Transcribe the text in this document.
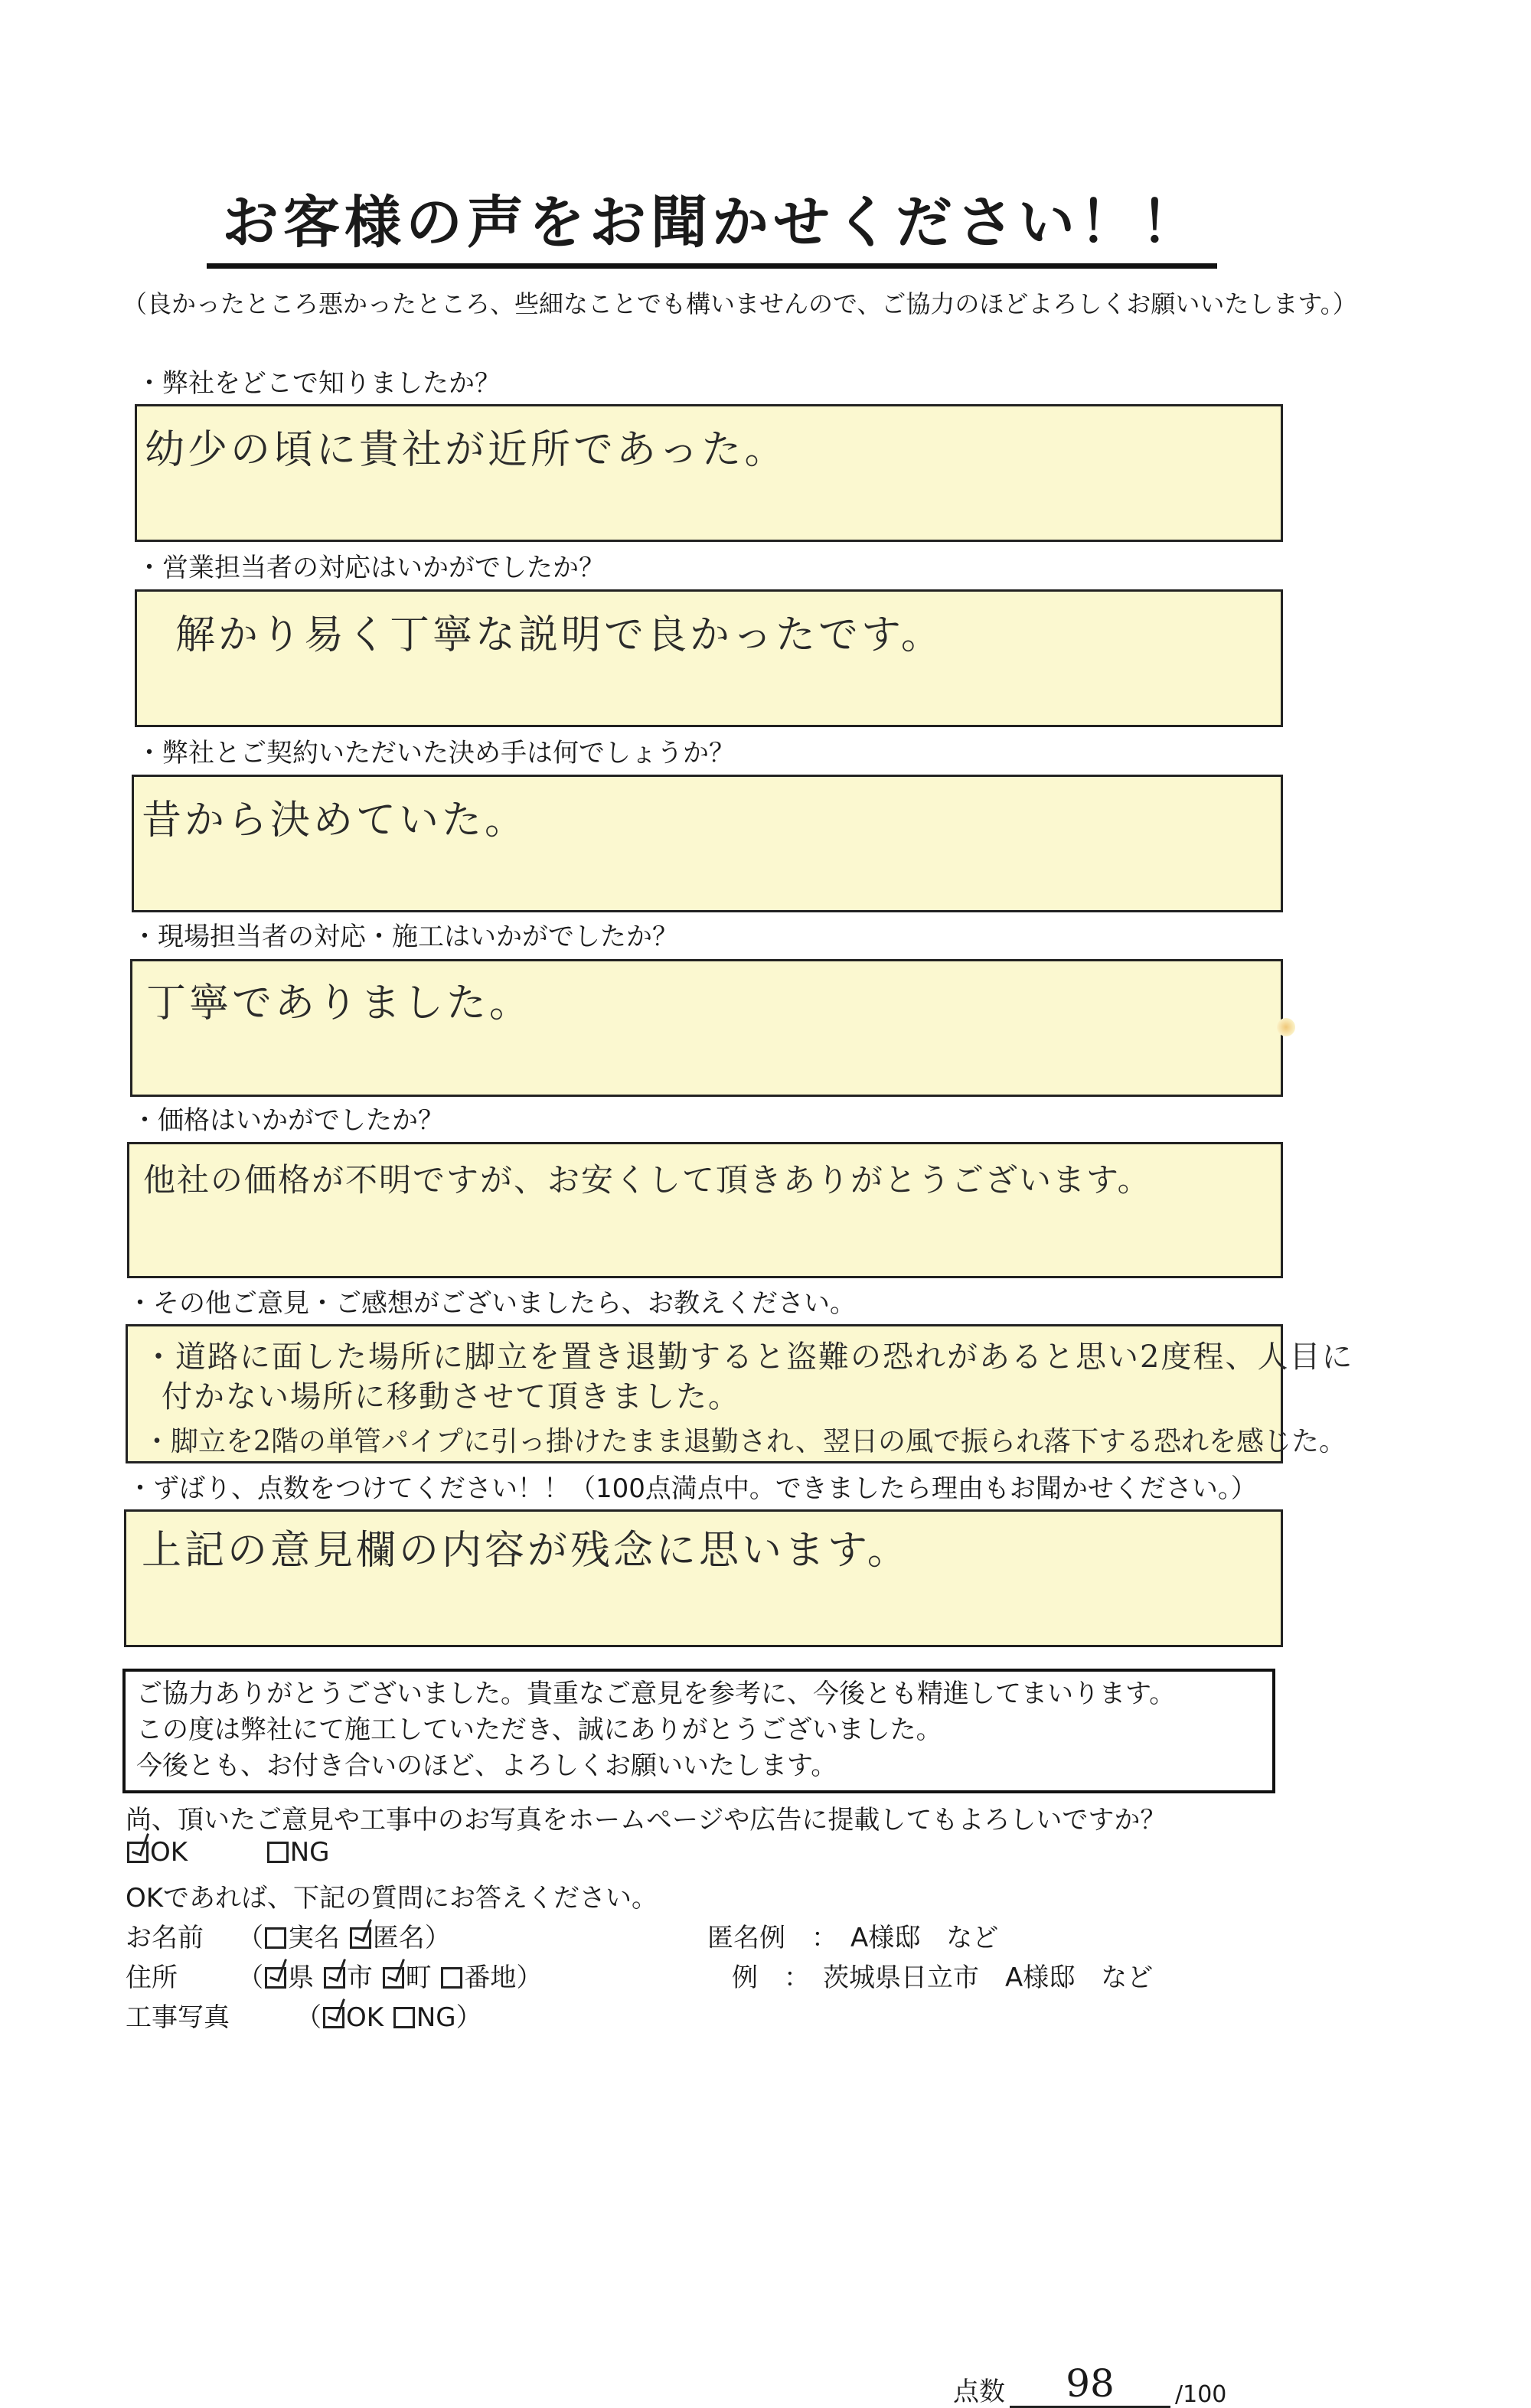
お客様の声をお聞かせください！！
（良かったところ悪かったところ、些細なことでも構いませんので、ご協力のほどよろしくお願いいたします。）
・弊社をどこで知りましたか？
幼少の頃に貴社が近所であった。
・営業担当者の対応はいかがでしたか？
解かり易く丁寧な説明で良かったです。
・弊社とご契約いただいた決め手は何でしょうか？
昔から決めていた。
・現場担当者の対応・施工はいかがでしたか？
丁寧でありました。
・価格はいかがでしたか？
他社の価格が不明ですが、お安くして頂きありがとうございます。
・その他ご意見・ご感想がございましたら、お教えください。
・道路に面した場所に脚立を置き退勤すると盗難の恐れがあると思い2度程、人目に
付かない場所に移動させて頂きました。
・脚立を2階の単管パイプに引っ掛けたまま退勤され、翌日の風で振られ落下する恐れを感じた。
・ずばり、点数をつけてください！！（100点満点中。できましたら理由もお聞かせください。）
上記の意見欄の内容が残念に思います。
点数	98	/100
ご協力ありがとうございました。貴重なご意見を参考に、今後とも精進してまいります。
この度は弊社にて施工していただき、誠にありがとうございました。
今後とも、お付き合いのほど、よろしくお願いいたします。
尚、頂いたご意見や工事中のお写真をホームページや広告に提載してもよろしいですか？
OK	NG
OKであれば、下記の質問にお答えください。
お名前 （ 実名 匿名）	匿名例　：　A様邸　など
住所 （ 県 市 町 番地）	例　：　茨城県日立市　A様邸　など
工事写真	（ OK NG）
